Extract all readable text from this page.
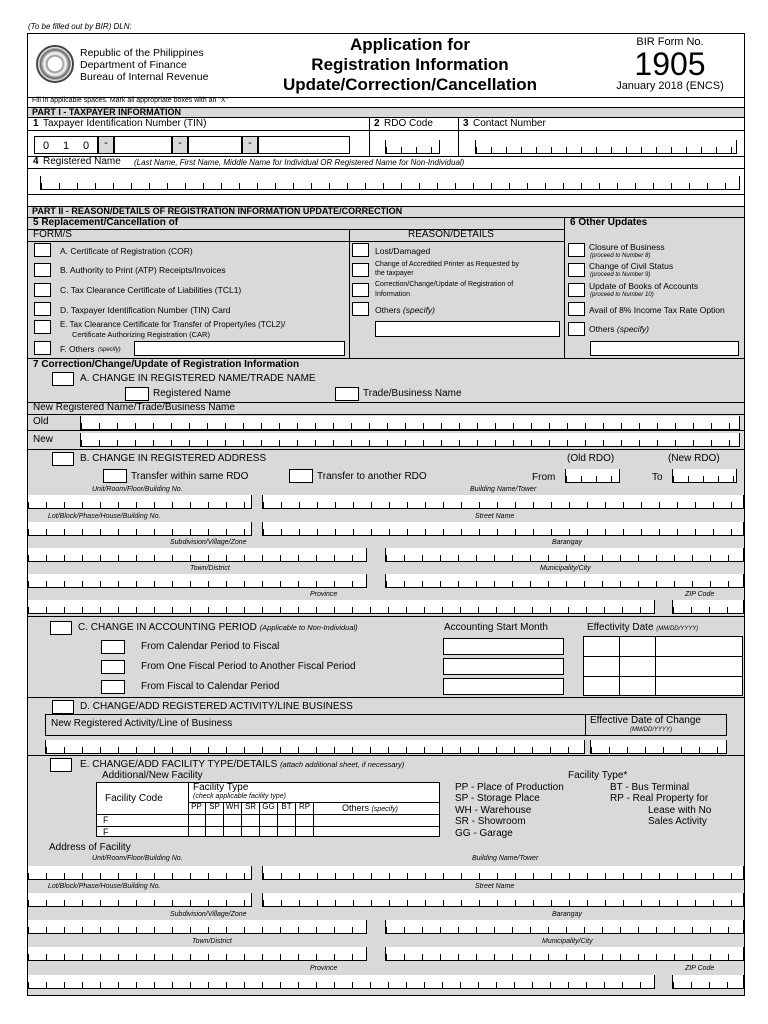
(To be filled out by BIR) DLN:
Republic of the Philippines
Department of Finance
Bureau of Internal Revenue
Application for
Registration Information
Update/Correction/Cancellation
BIR Form No.
1905
January 2018 (ENCS)
Fill in applicable spaces. Mark all appropriate boxes with an "X"
PART I - TAXPAYER INFORMATION
1 Taxpayer Identification Number (TIN)	2 RDO Code	3 Contact Number
0 1 0	-	-	-
4 Registered Name (Last Name, First Name, Middle Name for Individual OR Registered Name for Non-Individual)
PART II - REASON/DETAILS OF REGISTRATION INFORMATION UPDATE/CORRECTION
5 Replacement/Cancellation of
FORM/S	REASON/DETAILS
6 Other Updates
A. Certificate of Registration (COR)
B. Authority to Print (ATP) Receipts/Invoices
C. Tax Clearance Certificate of Liabilities (TCL1)
D. Taxpayer Identification Number (TIN) Card
E. Tax Clearance Certificate for Transfer of Property/ies (TCL2)/
Certificate Authorizing Registration (CAR)
F. Others (specify)
Lost/Damaged
Change of Accredited Printer as Requested by
the taxpayer
Correction/Change/Update of Registration of
Information
Others (specify)
Closure of Business
(proceed to Number 8)
Change of Civil Status
(proceed to Number 9)
Update of Books of Accounts
(proceed to Number 10)
Avail of 8% Income Tax Rate Option
Others (specify)
7 Correction/Change/Update of Registration Information
A. CHANGE IN REGISTERED NAME/TRADE NAME
Registered Name	Trade/Business Name
New Registered Name/Trade/Business Name
Old
New
B. CHANGE IN REGISTERED ADDRESS	(Old RDO)	(New RDO)
Transfer within same RDO	Transfer to another RDO	From	To
Unit/Room/Floor/Building No.	Building Name/Tower
Lot/Block/Phase/House/Building No.	Street Name
Subdivision/Village/Zone	Barangay
Town/District	Municipality/City
Province	ZIP Code
C. CHANGE IN ACCOUNTING PERIOD (Applicable to Non-Individual)	Accounting Start Month	Effectivity Date (MM/DD/YYYY)
From Calendar Period to Fiscal
From One Fiscal Period to Another Fiscal Period
From Fiscal to Calendar Period
D. CHANGE/ADD REGISTERED ACTIVITY/LINE BUSINESS
New Registered Activity/Line of Business	Effective Date of Change
(MM/DD/YYYY)
E. CHANGE/ADD FACILITY TYPE/DETAILS (attach additional sheet, if necessary)
Additional/New Facility
Facility Code
Facility Type
(check applicable facility type)
PP SP WH SR GG BT RP	Others (specify)
F
F
Facility Type*
PP - Place of Production
SP - Storage Place
WH - Warehouse
SR - Showroom
GG - Garage
BT - Bus Terminal
RP - Real Property for
Lease with No
Sales Activity
Address of Facility
Unit/Room/Floor/Building No.	Building Name/Tower
Lot/Block/Phase/House/Building No.	Street Name
Subdivision/Village/Zone	Barangay
Town/District	Municipality/City
Province	ZIP Code
